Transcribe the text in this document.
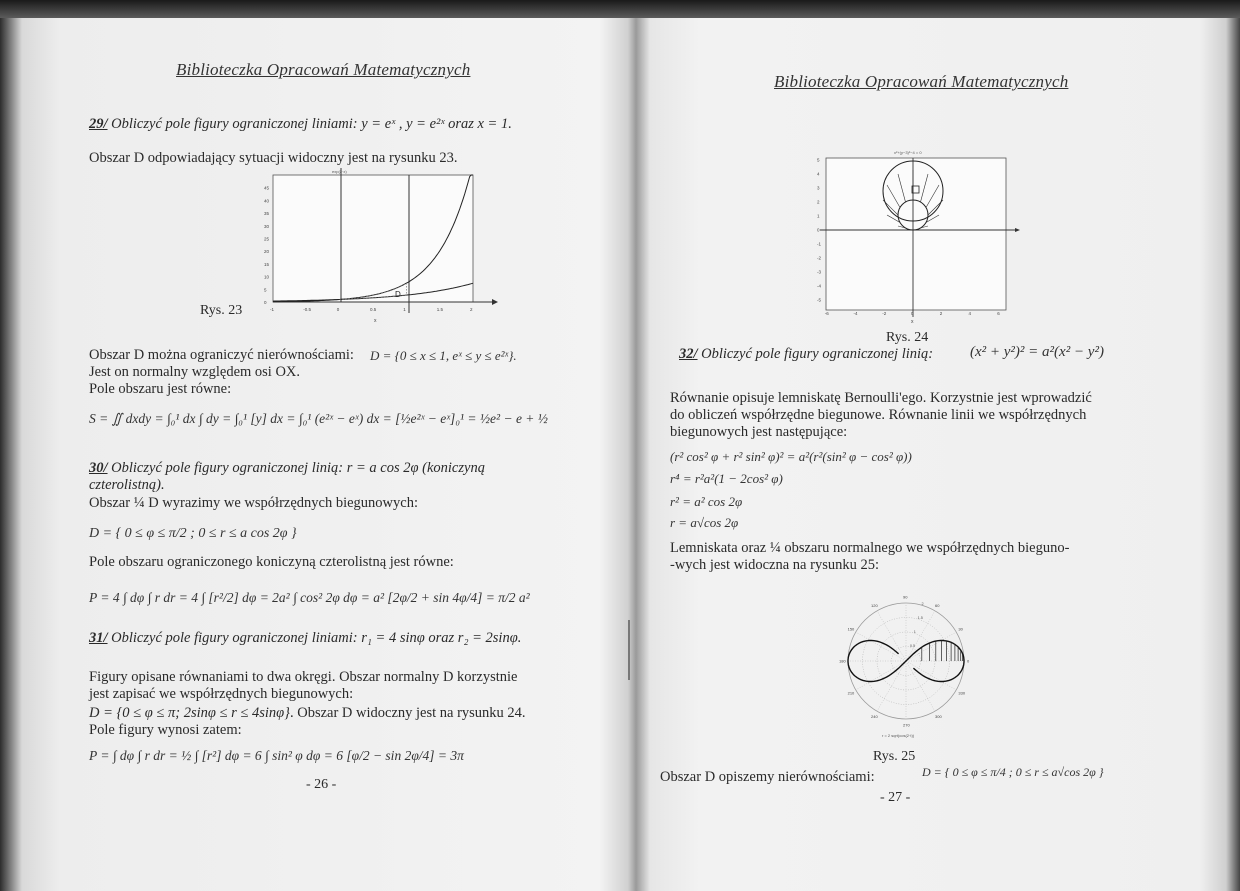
Biblioteczka Opracowań Matematycznych
29/ Obliczyć pole figury ograniczonej liniami: y = eˣ , y = e²ˣ oraz x = 1.
Obszar D odpowiadający sytuacji widoczny jest na rysunku 23.
D
exp(2·x)
45
40
35
30
25
20
15
10
5
0
-1	-0.5	0	0.5	1	1.5	2
x
Rys. 23
Obszar D można ograniczyć nierównościami: D = {0 ≤ x ≤ 1, eˣ ≤ y ≤ e²ˣ}.
Jest on normalny względem osi OX.
Pole obszaru jest równe:
S = ∬ dxdy = ∫₀¹ dx ∫ dy = ∫₀¹ [y] dx = ∫₀¹ (e²ˣ − eˣ) dx = [½e²ˣ − eˣ]₀¹ = ½e² − e + ½
30/ Obliczyć pole figury ograniczonej linią: r = a cos 2φ (koniczyną
czterolistną).
Obszar ¼ D wyrazimy we współrzędnych biegunowych:
D = { 0 ≤ φ ≤ π/2 ; 0 ≤ r ≤ a cos 2φ }
Pole obszaru ograniczonego koniczyną czterolistną jest równe:
P = 4 ∫ dφ ∫ r dr = 4 ∫ [r²/2] dφ = 2a² ∫ cos² 2φ dφ = a² [2φ/2 + sin 4φ/4] = π/2 a²
31/ Obliczyć pole figury ograniczonej liniami: r₁ = 4 sinφ oraz r₂ = 2sinφ.
Figury opisane równaniami to dwa okręgi. Obszar normalny D korzystnie
jest zapisać we współrzędnych biegunowych:
D = {0 ≤ φ ≤ π; 2sinφ ≤ r ≤ 4sinφ}. Obszar D widoczny jest na rysunku 24.
Pole figury wynosi zatem:
P = ∫ dφ ∫ r dr = ½ ∫ [r²] dφ = 6 ∫ sin² φ dφ = 6 [φ/2 − sin 2φ/4] = 3π
- 26 -
Biblioteczka Opracowań Matematycznych
x²+(y−3)²−4 = 0
5
4
3
2
1
0
-1
-2
-3
-4
-5
-6	-4	-2	0	2	4	6
x
Rys. 24
32/ Obliczyć pole figury ograniczonej linią: (x² + y²)² = a²(x² − y²)
Równanie opisuje lemniskatę Bernoulli'ego. Korzystnie jest wprowadzić
do obliczeń współrzędne biegunowe. Równanie linii we współrzędnych
biegunowych jest następujące:
(r² cos² φ + r² sin² φ)² = a²(r²(sin² φ − cos² φ))
r⁴ = r²a²(1 − 2cos² φ)
r² = a² cos 2φ
r = a√cos 2φ
Lemniskata oraz ¼ obszaru normalnego we współrzędnych bieguno-
-wych jest widoczna na rysunku 25:
90
60
30
0
330
300
270
240
210
180
150
120	2
1.5
1
0.5
r = 2 sqrt(cos(2·t))
Rys. 25
Obszar D opiszemy nierównościami:	D = { 0 ≤ φ ≤ π/4 ; 0 ≤ r ≤ a√cos 2φ }
- 27 -
